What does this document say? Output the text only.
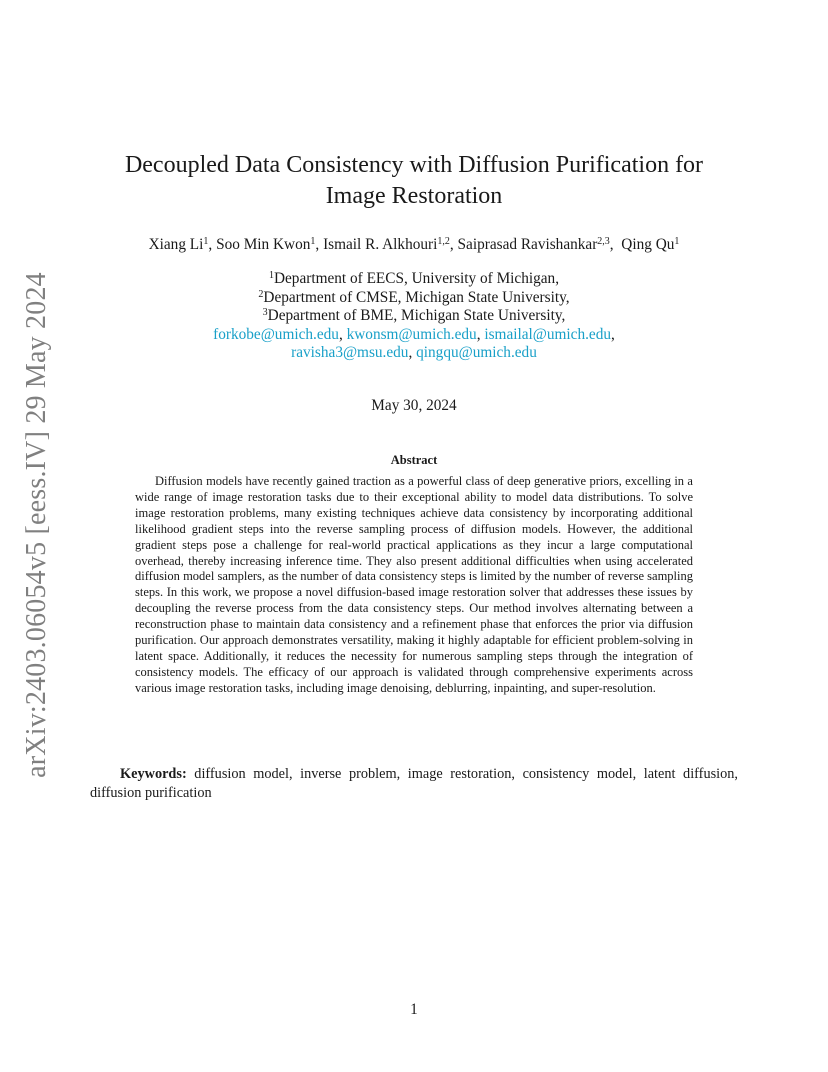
arXiv:2403.06054v5 [eess.IV] 29 May 2024
Decoupled Data Consistency with Diffusion Purification for
Image Restoration
Xiang Li$^1$, Soo Min Kwon$^1$, Ismail R. Alkhouri$^{1,2}$, Saiprasad Ravishankar$^{2,3}$,  Qing Qu$^1$
$^1$Department of EECS, University of Michigan,
$^2$Department of CMSE, Michigan State University,
$^3$Department of BME, Michigan State University,
forkobe@umich.edu, kwonsm@umich.edu, ismailal@umich.edu,
ravisha3@msu.edu, qingqu@umich.edu
May 30, 2024
Abstract
Diffusion models have recently gained traction as a powerful class of deep generative priors, excelling in a wide range of image restoration tasks due to their exceptional ability to model data distributions. To solve image restoration problems, many existing techniques achieve data consistency by incorporating additional likelihood gradient steps into the reverse sampling process of diffusion models. However, the additional gradient steps pose a challenge for real-world practical applications as they incur a large computational overhead, thereby increasing inference time. They also present additional difficulties when using accelerated diffusion model samplers, as the number of data consistency steps is limited by the number of reverse sampling steps. In this work, we propose a novel diffusion-based image restoration solver that addresses these issues by decoupling the reverse process from the data consistency steps. Our method involves alternating between a reconstruction phase to maintain data consistency and a refinement phase that enforces the prior via diffusion purification. Our approach demonstrates versatility, making it highly adaptable for efficient problem-solving in latent space. Additionally, it reduces the necessity for numerous sampling steps through the integration of consistency models. The efficacy of our approach is validated through comprehensive experiments across various image restoration tasks, including image denoising, deblurring, inpainting, and super-resolution.
Keywords: diffusion model, inverse problem, image restoration, consistency model, latent diffusion, diffusion purification
1
